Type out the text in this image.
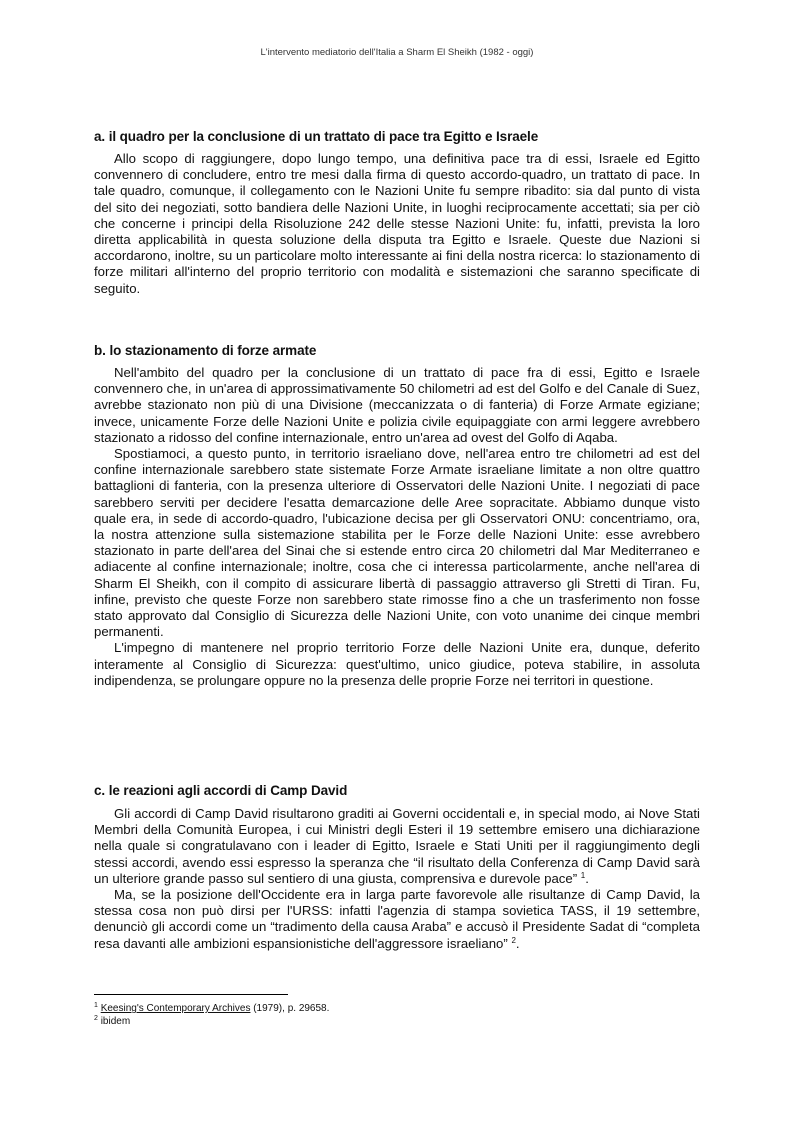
L'intervento mediatorio dell'Italia a Sharm El Sheikh (1982 - oggi)
a. il quadro per la conclusione di un trattato di pace tra Egitto e Israele

Allo scopo di raggiungere, dopo lungo tempo, una definitiva pace tra di essi, Israele ed Egitto convennero di concludere, entro tre mesi dalla firma di questo accordo-quadro, un trattato di pace. In tale quadro, comunque, il collegamento con le Nazioni Unite fu sempre ribadito: sia dal punto di vista del sito dei negoziati, sotto bandiera delle Nazioni Unite, in luoghi reciprocamente accettati; sia per ciò che concerne i principi della Risoluzione 242 delle stesse Nazioni Unite: fu, infatti, prevista la loro diretta applicabilità in questa soluzione della disputa tra Egitto e Israele. Queste due Nazioni si accordarono, inoltre, su un particolare molto interessante ai fini della nostra ricerca: lo stazionamento di forze militari all'interno del proprio territorio con modalità e sistemazioni che saranno specificate di seguito.

b. lo stazionamento di forze armate

Nell'ambito del quadro per la conclusione di un trattato di pace fra di essi, Egitto e Israele convennero che, in un'area di approssimativamente 50 chilometri ad est del Golfo e del Canale di Suez, avrebbe stazionato non più di una Divisione (meccanizzata o di fanteria) di Forze Armate egiziane; invece, unicamente Forze delle Nazioni Unite e polizia civile equipaggiate con armi leggere avrebbero stazionato a ridosso del confine internazionale, entro un'area ad ovest del Golfo di Aqaba.

Spostiamoci, a questo punto, in territorio israeliano dove, nell'area entro tre chilometri ad est del confine internazionale sarebbero state sistemate Forze Armate israeliane limitate a non oltre quattro battaglioni di fanteria, con la presenza ulteriore di Osservatori delle Nazioni Unite. I negoziati di pace sarebbero serviti per decidere l'esatta demarcazione delle Aree sopracitate. Abbiamo dunque visto quale era, in sede di accordo-quadro, l'ubicazione decisa per gli Osservatori ONU: concentriamo, ora, la nostra attenzione sulla sistemazione stabilita per le Forze delle Nazioni Unite: esse avrebbero stazionato in parte dell'area del Sinai che si estende entro circa 20 chilometri dal Mar Mediterraneo e adiacente al confine internazionale; inoltre, cosa che ci interessa particolarmente, anche nell'area di Sharm El Sheikh, con il compito di assicurare libertà di passaggio attraverso gli Stretti di Tiran. Fu, infine, previsto che queste Forze non sarebbero state rimosse fino a che un trasferimento non fosse stato approvato dal Consiglio di Sicurezza delle Nazioni Unite, con voto unanime dei cinque membri permanenti.

L'impegno di mantenere nel proprio territorio Forze delle Nazioni Unite era, dunque, deferito interamente al Consiglio di Sicurezza: quest'ultimo, unico giudice, poteva stabilire, in assoluta indipendenza, se prolungare oppure no la presenza delle proprie Forze nei territori in questione.

c. le reazioni agli accordi di Camp David

Gli accordi di Camp David risultarono graditi ai Governi occidentali e, in special modo, ai Nove Stati Membri della Comunità Europea, i cui Ministri degli Esteri il 19 settembre emisero una dichiarazione nella quale si congratulavano con i leader di Egitto, Israele e Stati Uniti per il raggiungimento degli stessi accordi, avendo essi espresso la speranza che “il risultato della Conferenza di Camp David sarà un ulteriore grande passo sul sentiero di una giusta, comprensiva e durevole pace” $^1$.

Ma, se la posizione dell'Occidente era in larga parte favorevole alle risultanze di Camp David, la stessa cosa non può dirsi per l'URSS: infatti l'agenzia di stampa sovietica TASS, il 19 settembre, denunciò gli accordi come un “tradimento della causa Araba” e accusò il Presidente Sadat di “completa resa davanti alle ambizioni espansionistiche dell'aggressore israeliano” $^2$.

$^1$ Keesing's Contemporary Archives (1979), p. 29658.
$^2$ ibidem
